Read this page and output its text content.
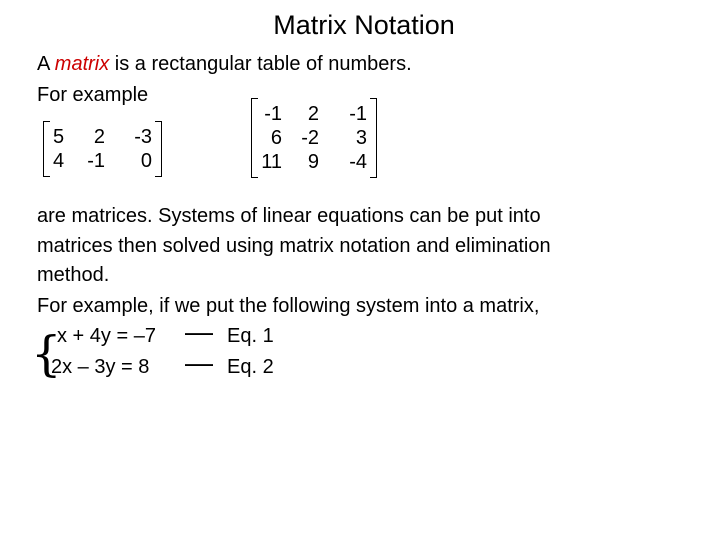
Matrix Notation
A matrix is a rectangular table of numbers.
For example
5	2	-3
4	-1	0
-1	2	-1
6	-2	3
11	9	-4
are matrices. Systems of linear equations can be put into
matrices then solved using matrix notation and elimination
method.
For example, if we put the following system into a matrix,
{
x + 4y = –7 — Eq. 1
2x – 3y = 8 — Eq. 2
